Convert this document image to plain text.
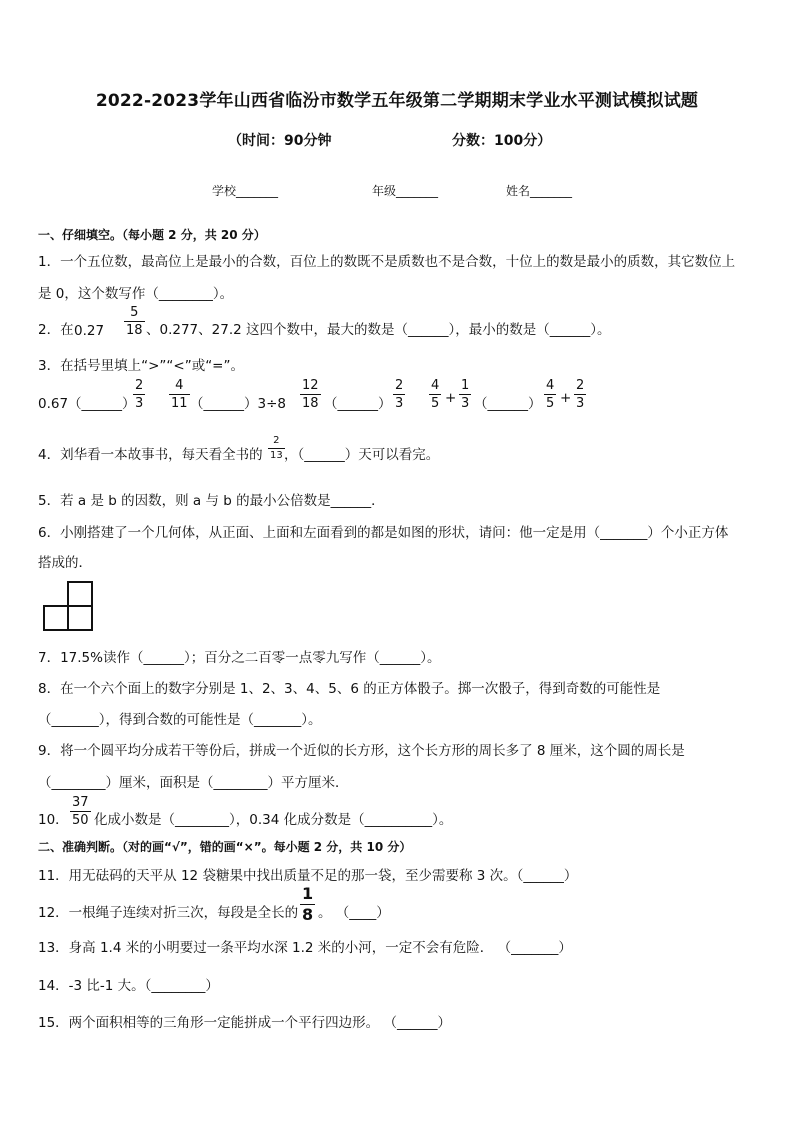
2022-2023学年山西省临汾市数学五年级第二学期期末学业水平测试模拟试题
（时间：90分钟	分数：100分）
学校_______	年级_______	姓名_______
一、仔细填空。（每小题 2 分，共 20 分）
1．一个五位数，最高位上是最小的合数，百位上的数既不是质数也不是合数，十位上的数是最小的质数，其它数位上
是 0，这个数写作（________）。
2．在 0.27̇ $\frac{5}{18}$ 、0.277、27.2 这四个数中，最大的数是（______），最小的数是（______）。
3．在括号里填上“>”“<”或“=”。
0.67（______）
$\frac{2}{3} \frac{4}{11}$ （______）3÷8 $\frac{12}{18}$ （______） $\frac{2}{3} \frac{4}{5} + \frac{1}{3}$ （______） $\frac{4}{5} + \frac{2}{3}$
4．刘华看一本故事书，每天看全书的 $\frac{2}{13}$ ，（______）天可以看完。
5．若 a 是 b 的因数，则 a 与 b 的最小公倍数是______．
6．小刚搭建了一个几何体，从正面、上面和左面看到的都是如图的形状，请问：他一定是用（_______）个小正方体
搭成的．
7．17.5%读作（______）；百分之二百零一点零九写作（______）。
8．在一个六个面上的数字分别是 1、2、3、4、5、6 的正方体骰子。掷一次骰子，得到奇数的可能性是
（_______），得到合数的可能性是（_______）。
9．将一个圆平均分成若干等份后，拼成一个近似的长方形，这个长方形的周长多了 8 厘米，这个圆的周长是
（________）厘米，面积是（________）平方厘米．
10． $\frac{37}{50}$ 化成小数是（________），0.34 化成分数是（__________）。
二、准确判断。（对的画“√”，错的画“×”。每小题 2 分，共 10 分）
11．用无砝码的天平从 12 袋糖果中找出质量不足的那一袋，至少需要称 3 次。（______）
12．一根绳子连续对折三次，每段是全长的 $\frac{1}{8}$ 。 （____）
13．身高 1.4 米的小明要过一条平均水深 1.2 米的小河，一定不会有危险． （_______）
14．-3 比-1 大。（________）
15．两个面积相等的三角形一定能拼成一个平行四边形。 （______）
